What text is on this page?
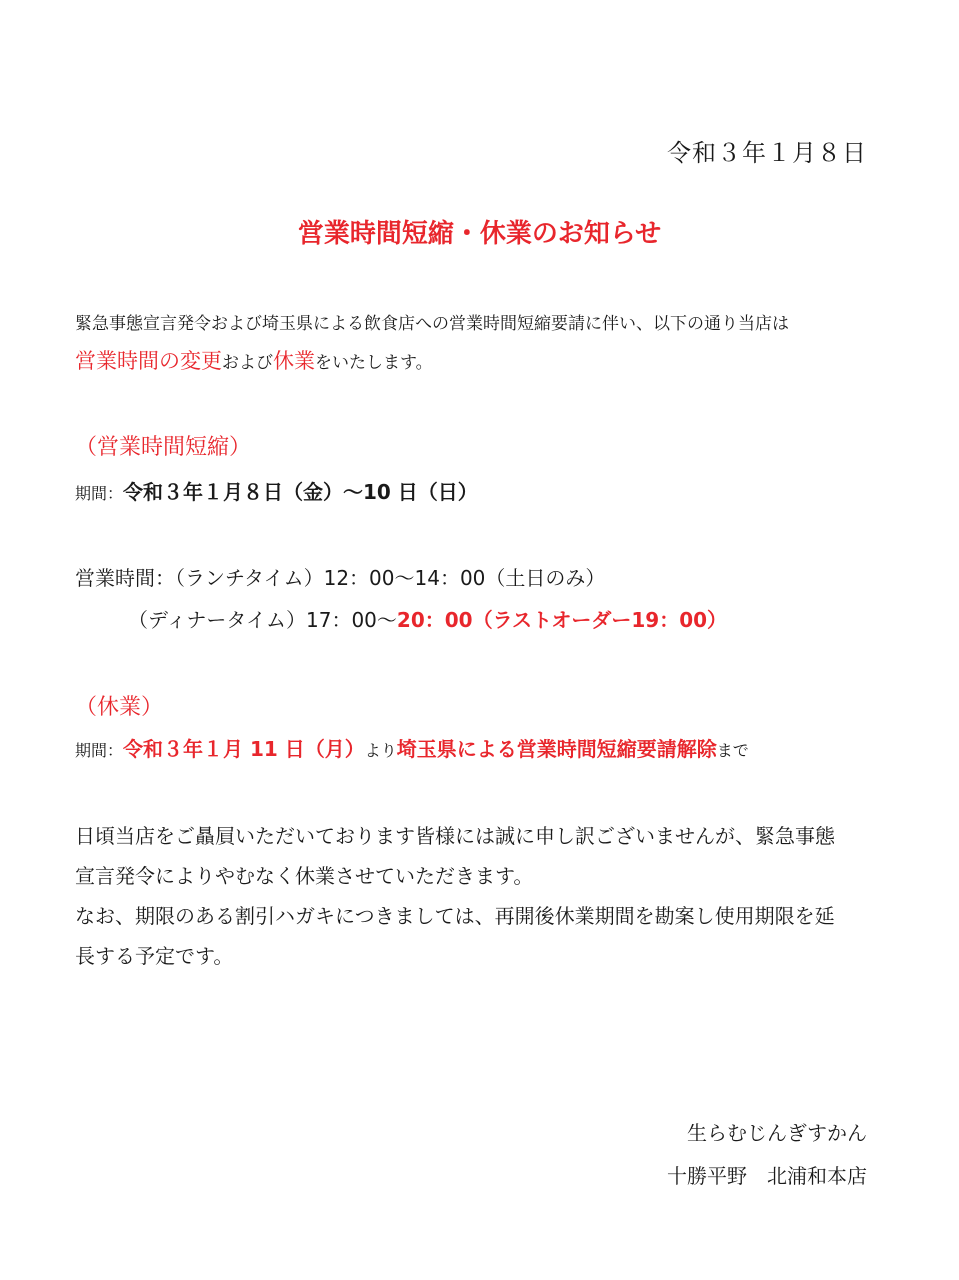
令和３年１月８日
営業時間短縮・休業のお知らせ
緊急事態宣言発令および埼玉県による飲食店への営業時間短縮要請に伴い、以下の通り当店は
営業時間の変更および休業をいたします。
（営業時間短縮）
期間：令和３年１月８日（金）～10 日（日）
営業時間：（ランチタイム）12：00～14：00（土日のみ）
（ディナータイム）17：00～20：00（ラストオーダー19：00）
（休業）
期間：令和３年１月 11 日（月）より埼玉県による営業時間短縮要請解除まで
日頃当店をご贔屓いただいております皆様には誠に申し訳ございませんが、緊急事態
宣言発令によりやむなく休業させていただきます。
なお、期限のある割引ハガキにつきましては、再開後休業期間を勘案し使用期限を延
長する予定です。
生らむじんぎすかん
十勝平野　北浦和本店
